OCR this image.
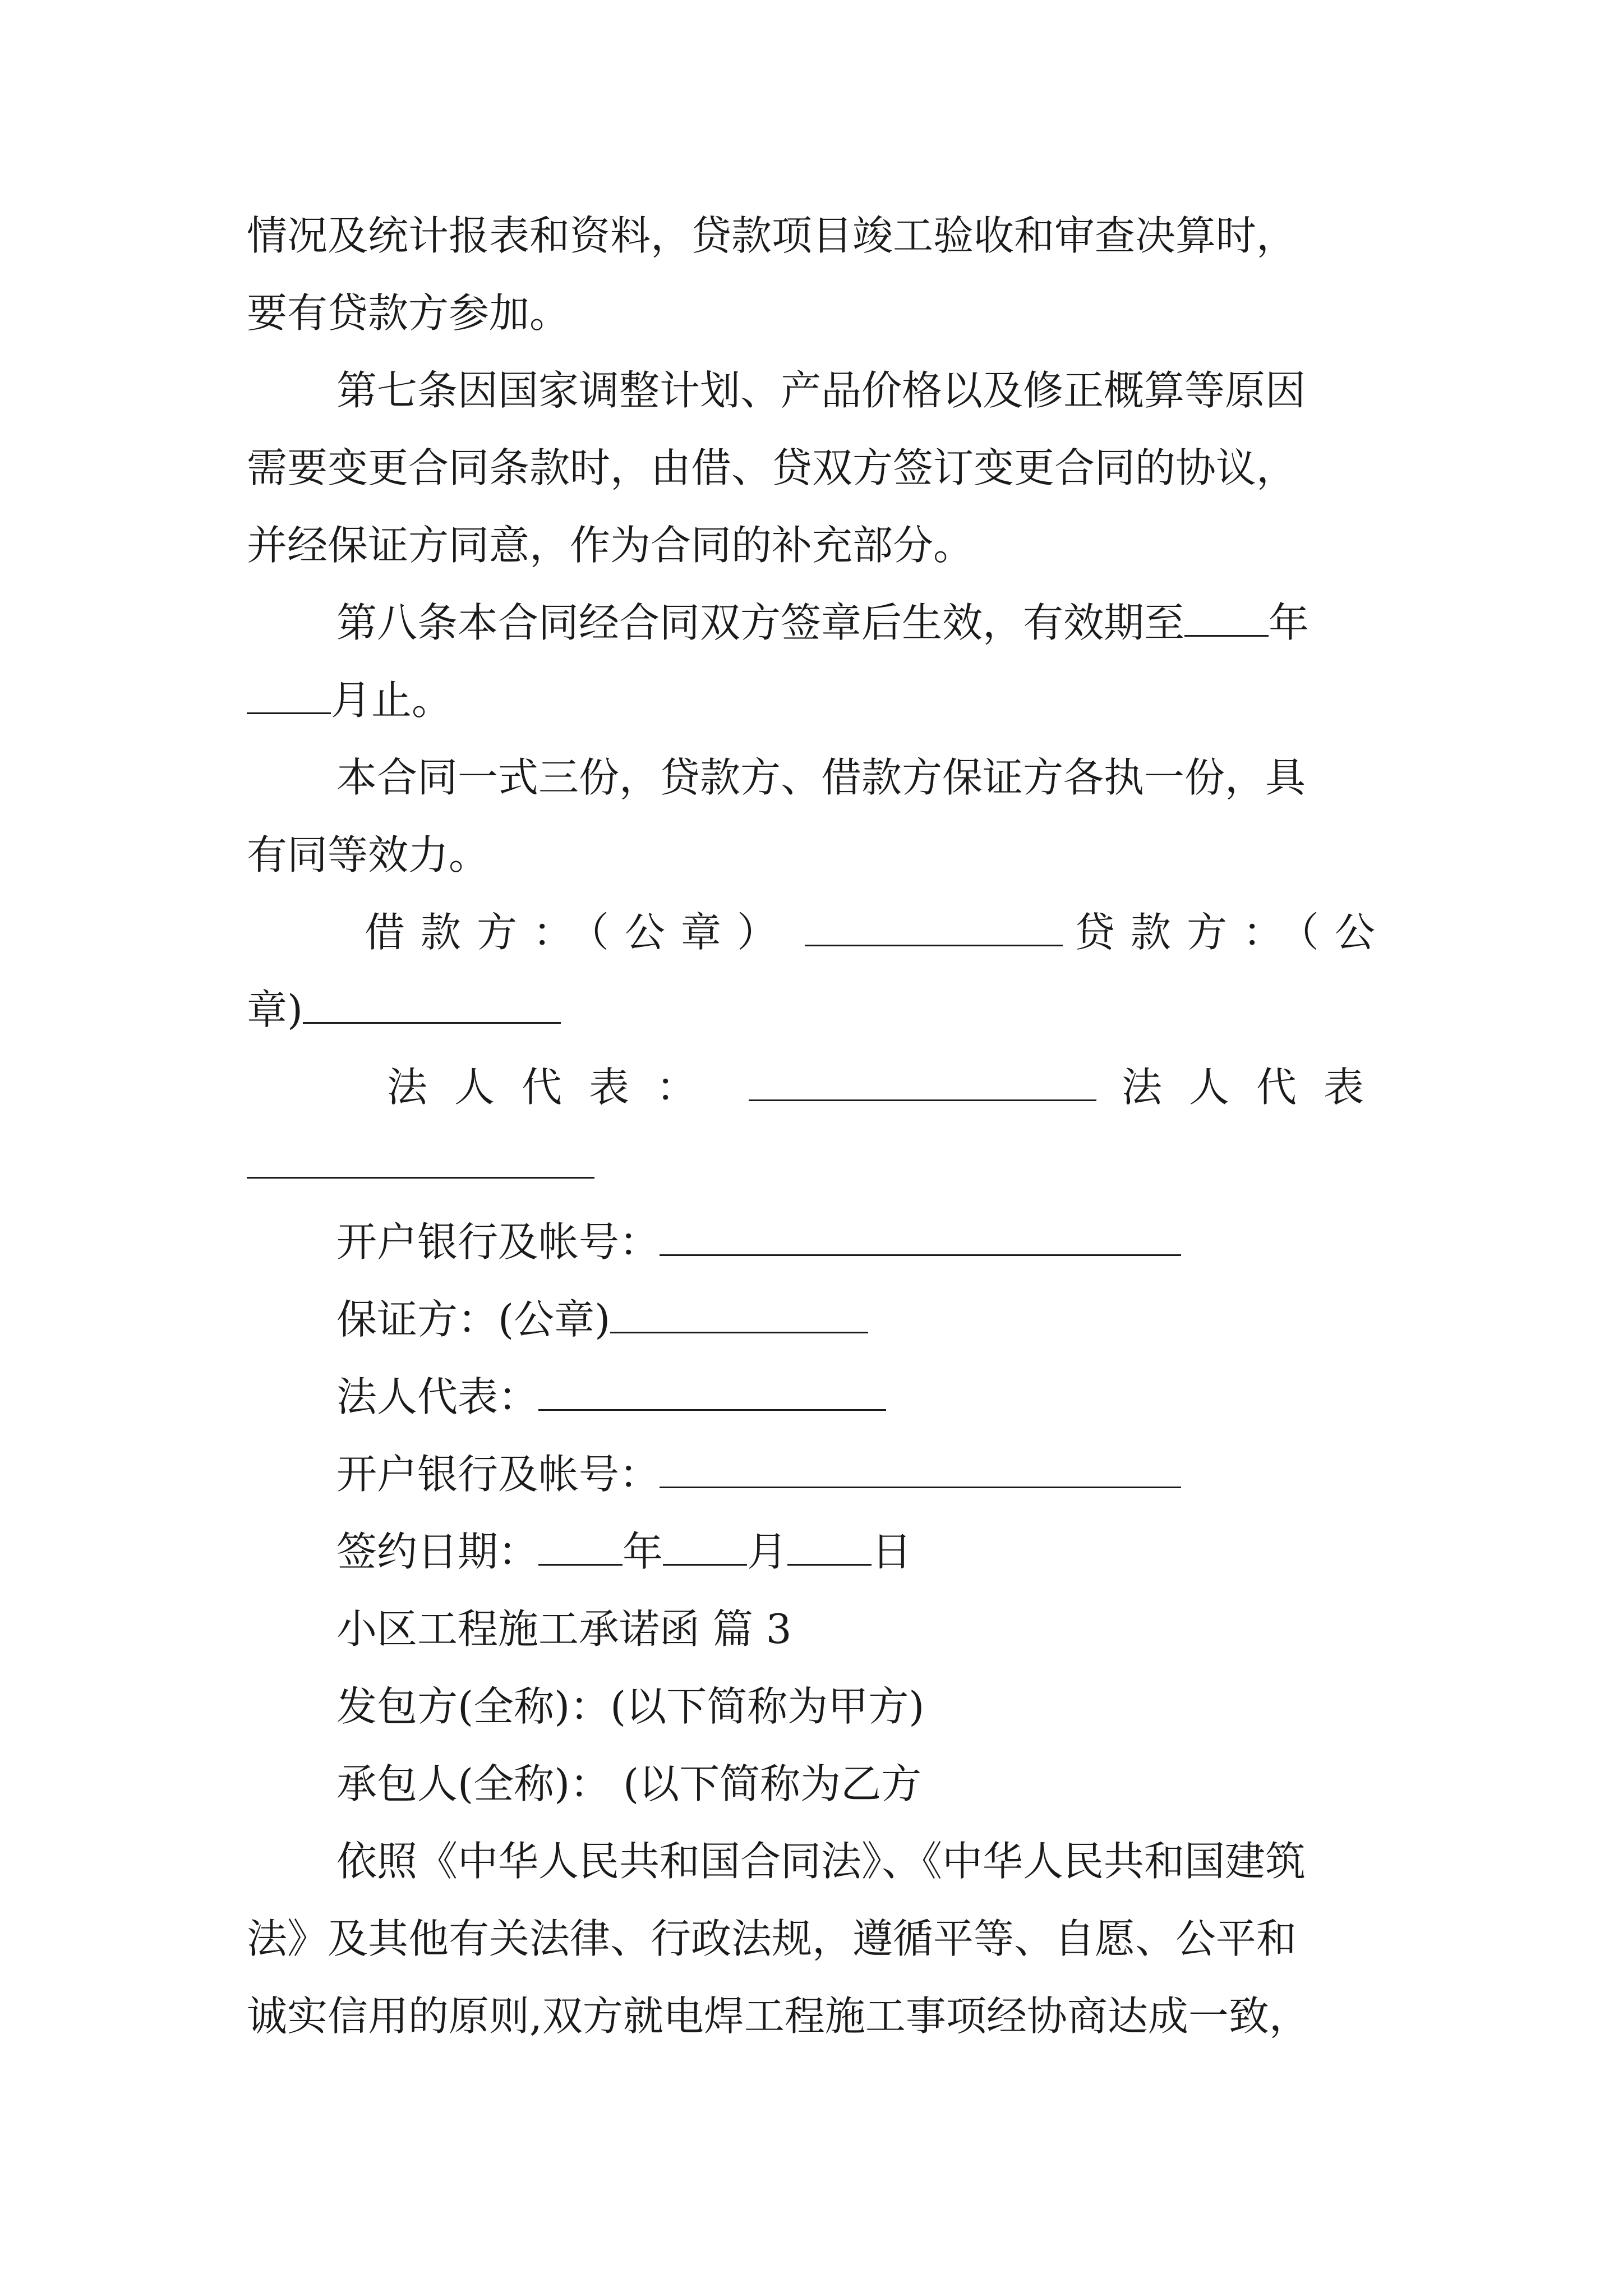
情况及统计报表和资料，贷款项目竣工验收和审查决算时，
要有贷款方参加。
第七条因国家调整计划、产品价格以及修正概算等原因
需要变更合同条款时，由借、贷双方签订变更合同的协议，
并经保证方同意，作为合同的补充部分。
第八条本合同经合同双方签章后生效，有效期至 年
月止。
本合同一式三份，贷款方、借款方保证方各执一份，具
有同等效力。
借款方：（公章）	贷款方：（公
章)
法人代表：	法人代表
开户银行及帐号：
保证方：(公章)
法人代表：
开户银行及帐号：
签约日期： 年 月 日
小区工程施工承诺函 篇 3
发包方(全称)：(以下简称为甲方)
承包人(全称)： (以下简称为乙方
依照《中华人民共和国合同法》、《中华人民共和国建筑
法》及其他有关法律、行政法规，遵循平等、自愿、公平和
诚实信用的原则,双方就电焊工程施工事项经协商达成一致，
